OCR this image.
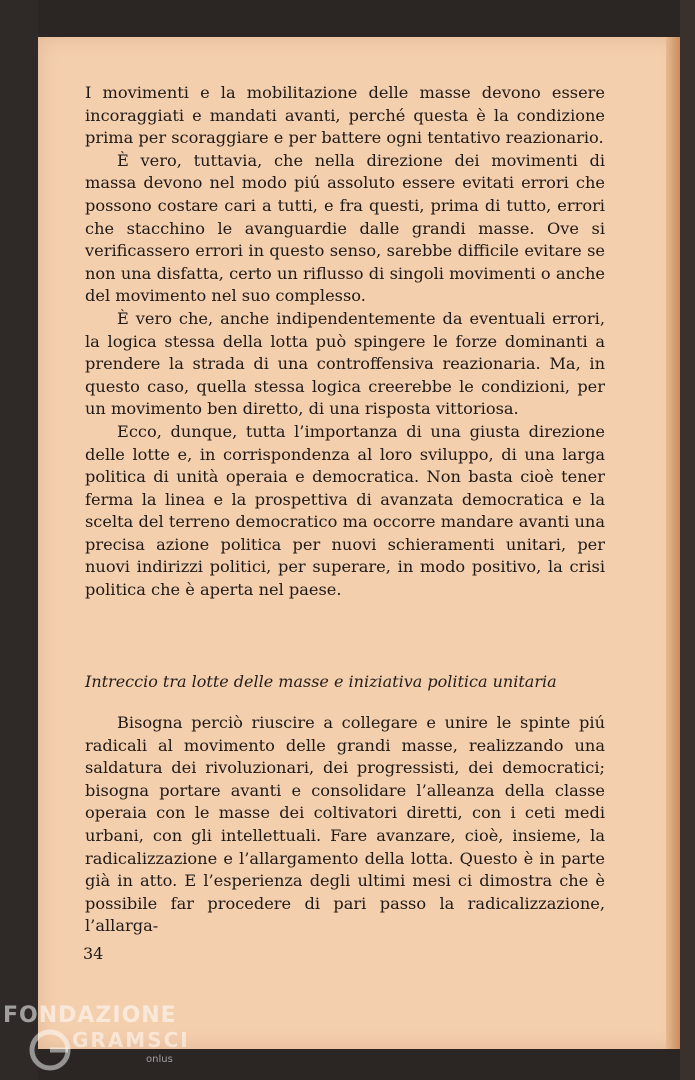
I movimenti e la mobilitazione delle masse devono essere incoraggiati e mandati avanti, perché questa è la condizione prima per scoraggiare e per battere ogni tentativo reazionario.

È vero, tuttavia, che nella direzione dei movimenti di massa devono nel modo piú assoluto essere evitati errori che possono costare cari a tutti, e fra questi, prima di tutto, errori che stacchino le avanguardie dalle grandi masse. Ove si verificassero errori in questo senso, sarebbe difficile evitare se non una disfatta, certo un riflusso di singoli movimenti o anche del movimento nel suo complesso.

È vero che, anche indipendentemente da eventuali errori, la logica stessa della lotta può spingere le forze dominanti a prendere la strada di una controffensiva reazionaria. Ma, in questo caso, quella stessa logica creerebbe le condizioni, per un movimento ben diretto, di una risposta vittoriosa.

Ecco, dunque, tutta l’importanza di una giusta direzione delle lotte e, in corrispondenza al loro sviluppo, di una larga politica di unità operaia e democratica. Non basta cioè tener ferma la linea e la prospettiva di avanzata democratica e la scelta del terreno democratico ma occorre mandare avanti una precisa azione politica per nuovi schieramenti unitari, per nuovi indirizzi politici, per superare, in modo positivo, la crisi politica che è aperta nel paese.

Intreccio tra lotte delle masse e iniziativa politica unitaria

Bisogna perciò riuscire a collegare e unire le spinte piú radicali al movimento delle grandi masse, realizzando una saldatura dei rivoluzionari, dei progressisti, dei democratici; bisogna portare avanti e consolidare l’alleanza della classe operaia con le masse dei coltivatori diretti, con i ceti medi urbani, con gli intellettuali. Fare avanzare, cioè, insieme, la radicalizzazione e l’allargamento della lotta. Questo è in parte già in atto. E l’esperienza degli ultimi mesi ci dimostra che è possibile far procedere di pari passo la radicalizzazione, l’allarga-

34
FONDAZIONE
GRAMSCI
onlus
